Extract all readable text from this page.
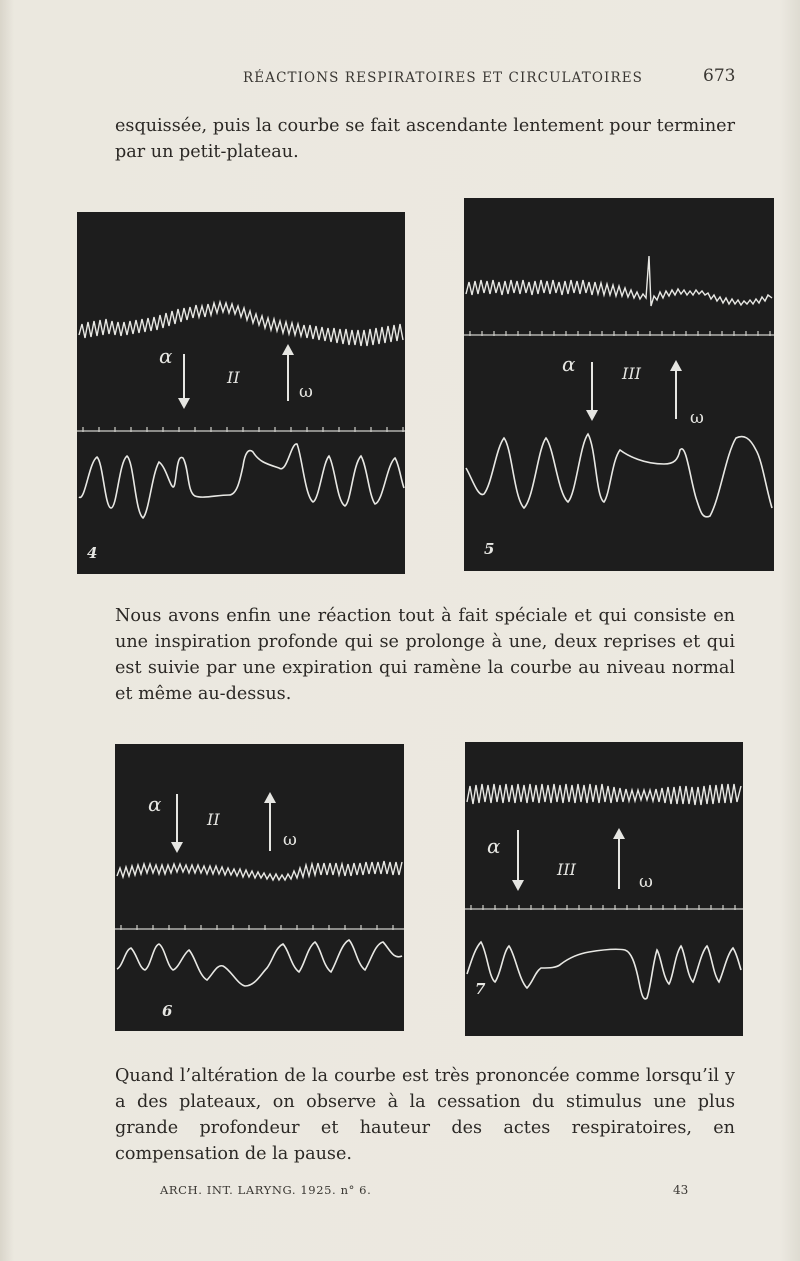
RÉACTIONS RESPIRATOIRES ET CIRCULATOIRES	673
esquissée, puis la courbe se fait ascendante lentement pour terminer par un petit-plateau.
α
II
ω
4
α	III
ω
5
Nous avons enfin une réaction tout à fait spéciale et qui consiste en une inspiration profonde qui se prolonge à une, deux reprises et qui est suivie par une expiration qui ramène la courbe au niveau normal et même au-dessus.
α
II
ω
6
α
III
ω
7
Quand l’altération de la courbe est très prononcée comme lorsqu’il y a des plateaux, on observe à la cessation du stimulus une plus grande profondeur et hauteur des actes respiratoires, en compensation de la pause.
ARCH. INT. LARYNG. 1925. n° 6.	43
